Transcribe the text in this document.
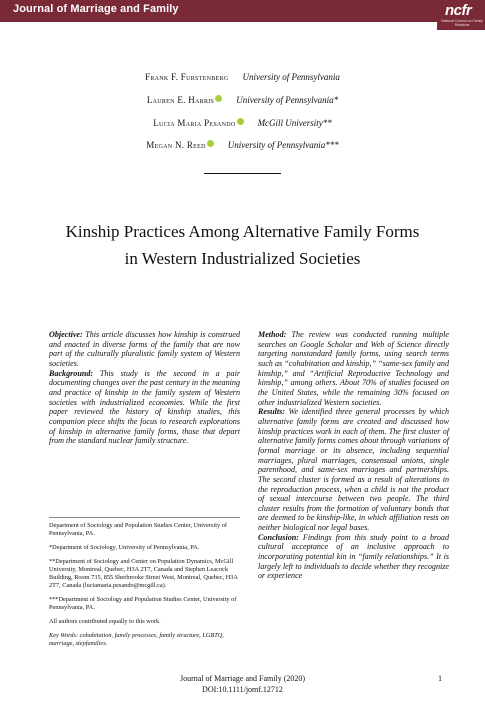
Journal of Marriage and Family	ncfr
National Council on Family Relations
Frank F. Furstenberg University of Pennsylvania
Lauren E. Harris University of Pennsylvania*
Lucia Maria Pesando McGill University**
Megan N. Reed University of Pennsylvania***
Kinship Practices Among Alternative Family Forms
in Western Industrialized Societies

Objective: This article discusses how kinship is construed and enacted in diverse forms of the family that are now part of the culturally pluralistic family system of Western societies.

Background: This study is the second in a pair documenting changes over the past century in the meaning and practice of kinship in the family system of Western societies with industrialized economies. While the first paper reviewed the history of kinship studies, this companion piece shifts the focus to research explorations of kinship in alternative family forms, those that depart from the standard nuclear family structure.

Department of Sociology and Population Studies Center, University of Pennsylvania, PA.

*Department of Sociology, University of Pennsylvania, PA.

**Department of Sociology and Center on Population Dynamics, McGill University, Montreal, Quebec, H3A 2T7, Canada and Stephen Leacock Building, Room 735, 855 Sherbrooke Street West, Montreal, Quebec, H3A 2T7, Canada (luciamaria.pesando@mcgill.ca).

***Department of Sociology and Population Studies Center, University of Pennsylvania, PA.

All authors contributed equally to this work.

Key Words: cohabitation, family processes, family structure, LGBTQ, marriage, stepfamilies.

Method: The review was conducted running multiple searches on Google Scholar and Web of Science directly targeting nonstandard family forms, using search terms such as “cohabitation and kinship,” “same-sex family and kinship,” and “Artificial Reproductive Technology and kinship,” among others. About 70% of studies focused on the United States, while the remaining 30% focused on other industrialized Western societies.

Results: We identified three general processes by which alternative family forms are created and discussed how kinship practices work in each of them. The first cluster of alternative family forms comes about through variations of formal marriage or its absence, including sequential marriages, plural marriages, consensual unions, single parenthood, and same-sex marriages and partnerships. The second cluster is formed as a result of alterations in the reproduction process, when a child is not the product of sexual intercourse between two people. The third cluster results from the formation of voluntary bonds that are deemed to be kinship-like, in which affiliation rests on neither biological nor legal bases.

Conclusion: Findings from this study point to a broad cultural acceptance of an inclusive approach to incorporating potential kin in “family relationships.” It is largely left to individuals to decide whether they recognize or experience

Journal of Marriage and Family (2020)
DOI:10.1111/jomf.12712
1
